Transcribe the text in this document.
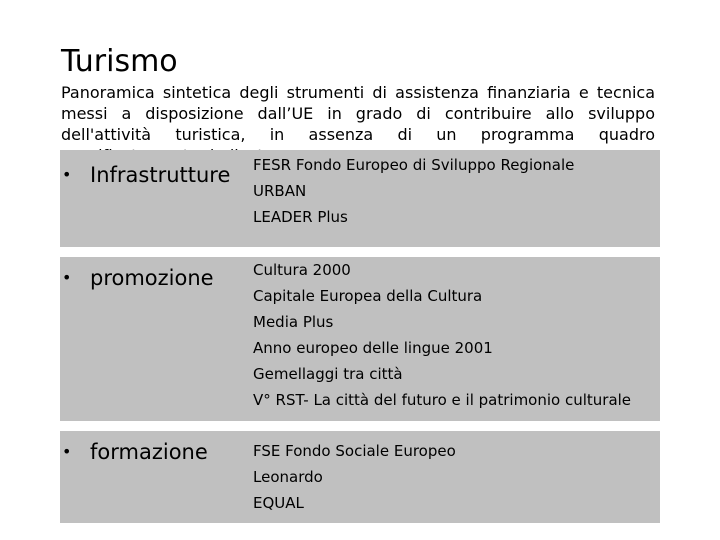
Turismo
Panoramica sintetica degli strumenti di assistenza finanziaria e tecnica messi a disposizione dall’UE in grado di contribuire allo sviluppo dell'attività turistica, in assenza di un programma quadro
• Infrastrutture FESR Fondo Europeo di Sviluppo Regionale
URBAN
LEADER Plus
• promozione	Cultura 2000
Capitale Europea della Cultura
Media Plus
Anno europeo delle lingue 2001
Gemellaggi tra città
V° RST- La città del futuro e il patrimonio culturale
• formazione	FSE Fondo Sociale Europeo
Leonardo
EQUAL
